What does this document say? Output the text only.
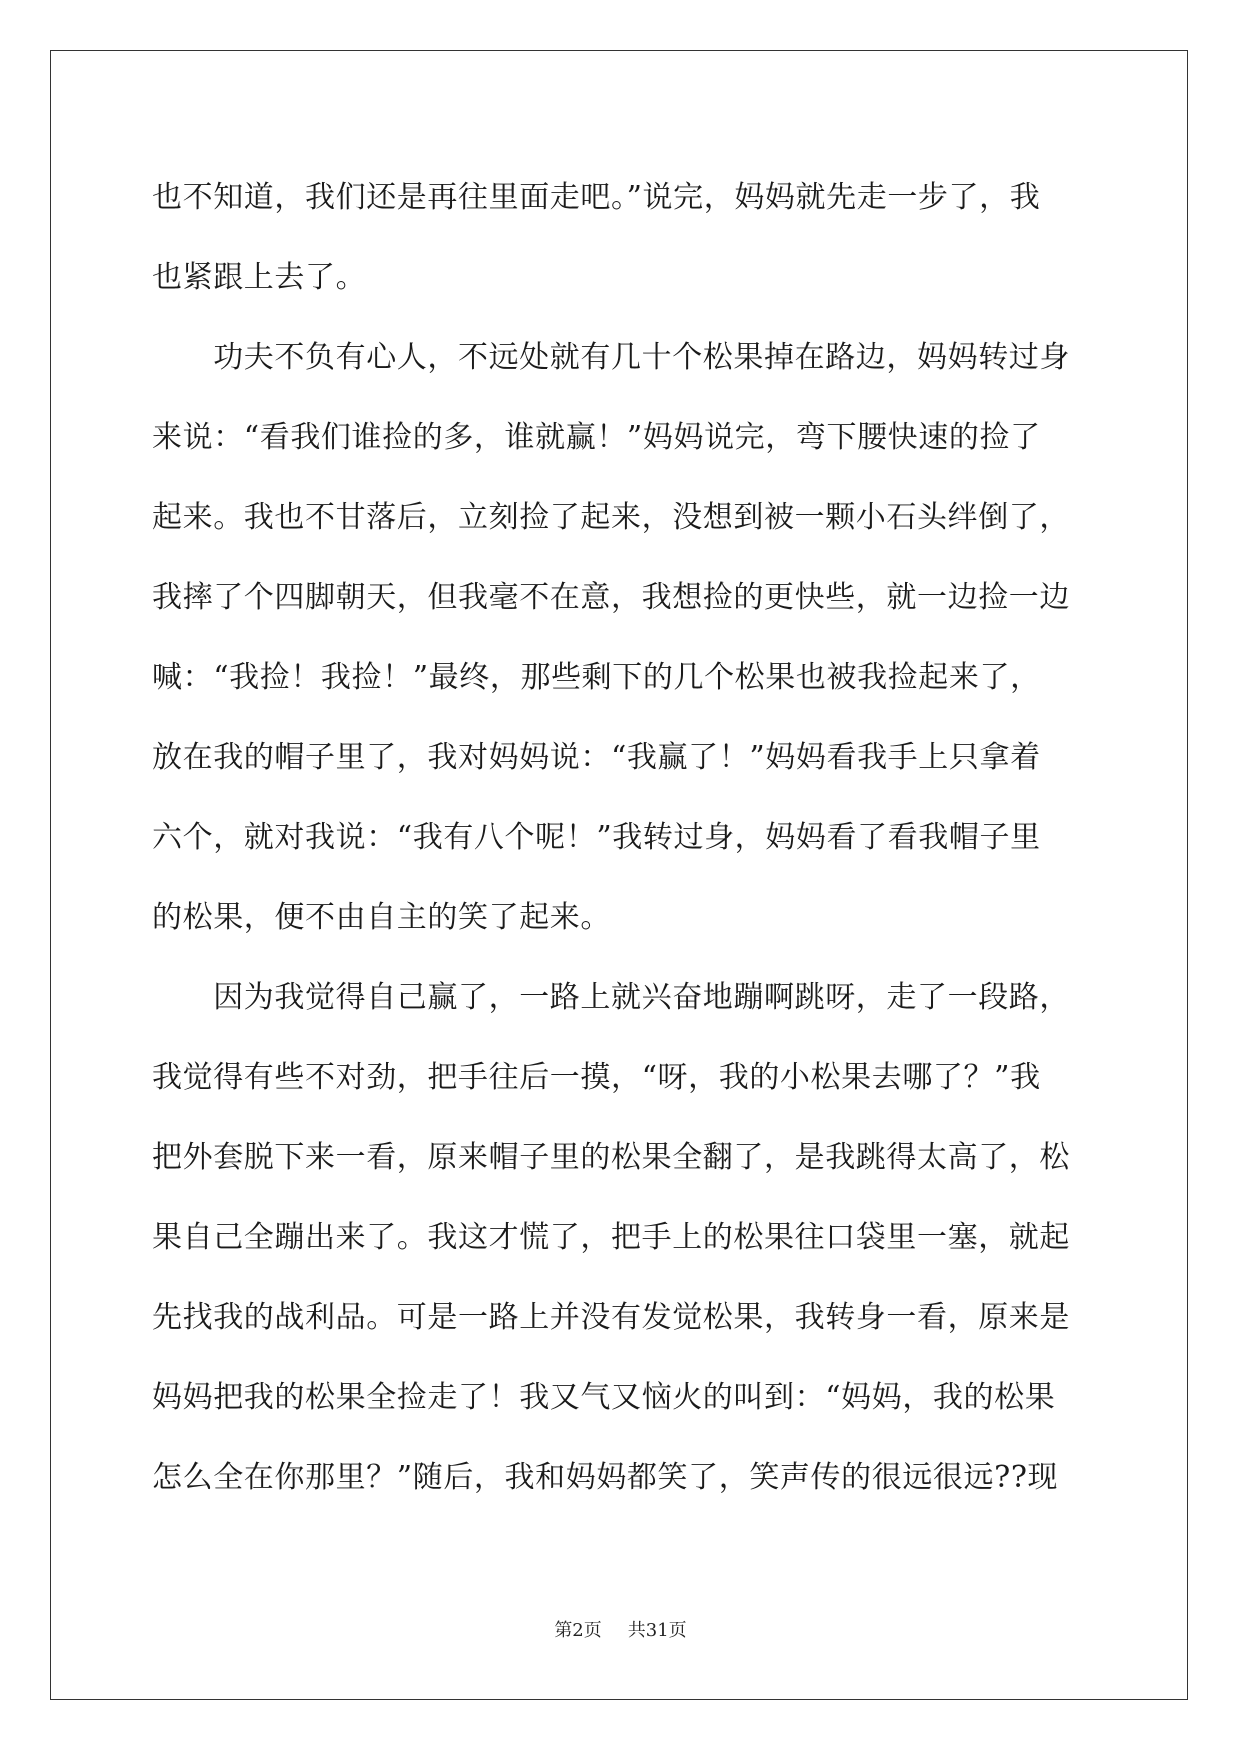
也不知道，我们还是再往里面走吧。”说完，妈妈就先走一步了，我
也紧跟上去了。
　　功夫不负有心人，不远处就有几十个松果掉在路边，妈妈转过身
来说：“看我们谁捡的多，谁就赢！”妈妈说完，弯下腰快速的捡了
起来。我也不甘落后，立刻捡了起来，没想到被一颗小石头绊倒了，
我摔了个四脚朝天，但我毫不在意，我想捡的更快些，就一边捡一边
喊：“我捡！我捡！”最终，那些剩下的几个松果也被我捡起来了，
放在我的帽子里了，我对妈妈说：“我赢了！”妈妈看我手上只拿着
六个，就对我说：“我有八个呢！”我转过身，妈妈看了看我帽子里
的松果，便不由自主的笑了起来。
　　因为我觉得自己赢了，一路上就兴奋地蹦啊跳呀，走了一段路，
我觉得有些不对劲，把手往后一摸，“呀，我的小松果去哪了？”我
把外套脱下来一看，原来帽子里的松果全翻了，是我跳得太高了，松
果自己全蹦出来了。我这才慌了，把手上的松果往口袋里一塞，就起
先找我的战利品。可是一路上并没有发觉松果，我转身一看，原来是
妈妈把我的松果全捡走了！我又气又恼火的叫到：“妈妈，我的松果
怎么全在你那里？”随后，我和妈妈都笑了，笑声传的很远很远??现
第2页 共31页
